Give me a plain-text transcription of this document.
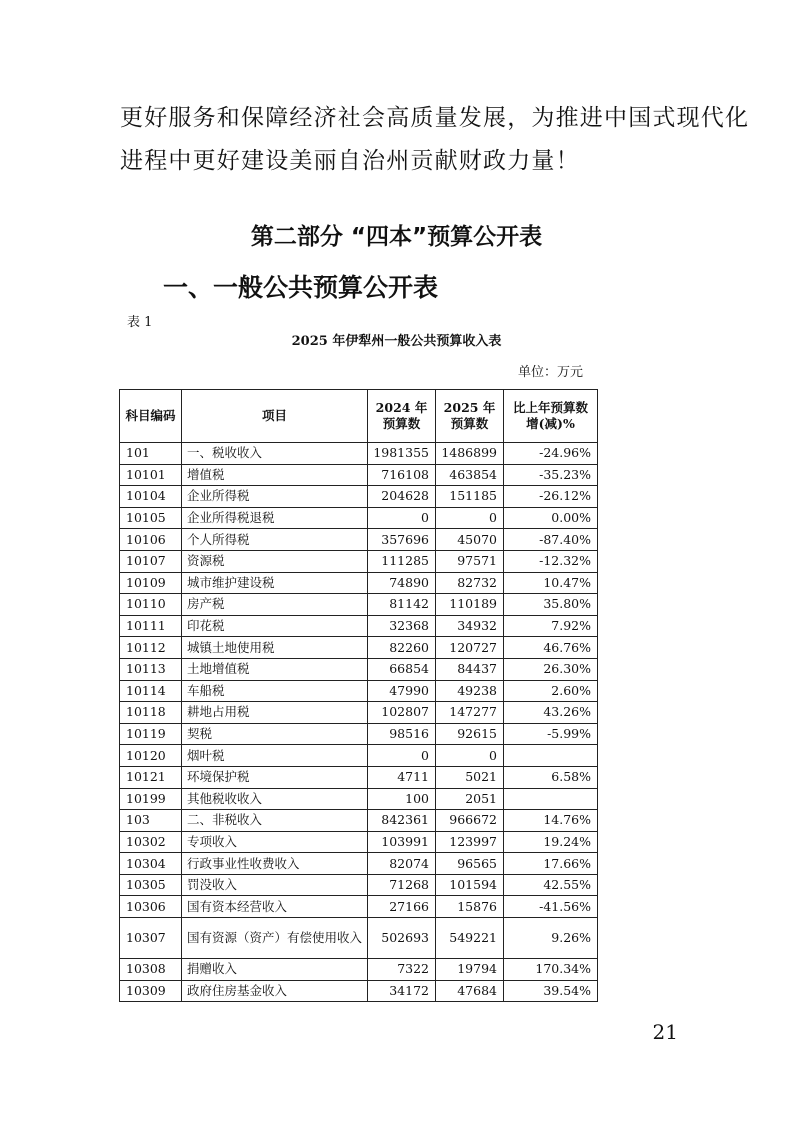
更好服务和保障经济社会高质量发展，为推进中国式现代化
进程中更好建设美丽自治州贡献财政力量！
第二部分 “四本”预算公开表
一、一般公共预算公开表
表 1
2025 年伊犁州一般公共预算收入表
单位：万元
科目编码	项目	2024 年预算数	2025 年预算数	比上年预算数增(减)%
101	一、税收收入	1981355	1486899	-24.96%
10101	增值税	716108	463854	-35.23%
10104	企业所得税	204628	151185	-26.12%
10105	企业所得税退税	0	0	0.00%
10106	个人所得税	357696	45070	-87.40%
10107	资源税	111285	97571	-12.32%
10109	城市维护建设税	74890	82732	10.47%
10110	房产税	81142	110189	35.80%
10111	印花税	32368	34932	7.92%
10112	城镇土地使用税	82260	120727	46.76%
10113	土地增值税	66854	84437	26.30%
10114	车船税	47990	49238	2.60%
10118	耕地占用税	102807	147277	43.26%
10119	契税	98516	92615	-5.99%
10120	烟叶税	0	0	
10121	环境保护税	4711	5021	6.58%
10199	其他税收收入	100	2051	
103	二、非税收入	842361	966672	14.76%
10302	专项收入	103991	123997	19.24%
10304	行政事业性收费收入	82074	96565	17.66%
10305	罚没收入	71268	101594	42.55%
10306	国有资本经营收入	27166	15876	-41.56%
10307	国有资源（资产）有偿使用收入	502693	549221	9.26%
10308	捐赠收入	7322	19794	170.34%
10309	政府住房基金收入	34172	47684	39.54%
21
